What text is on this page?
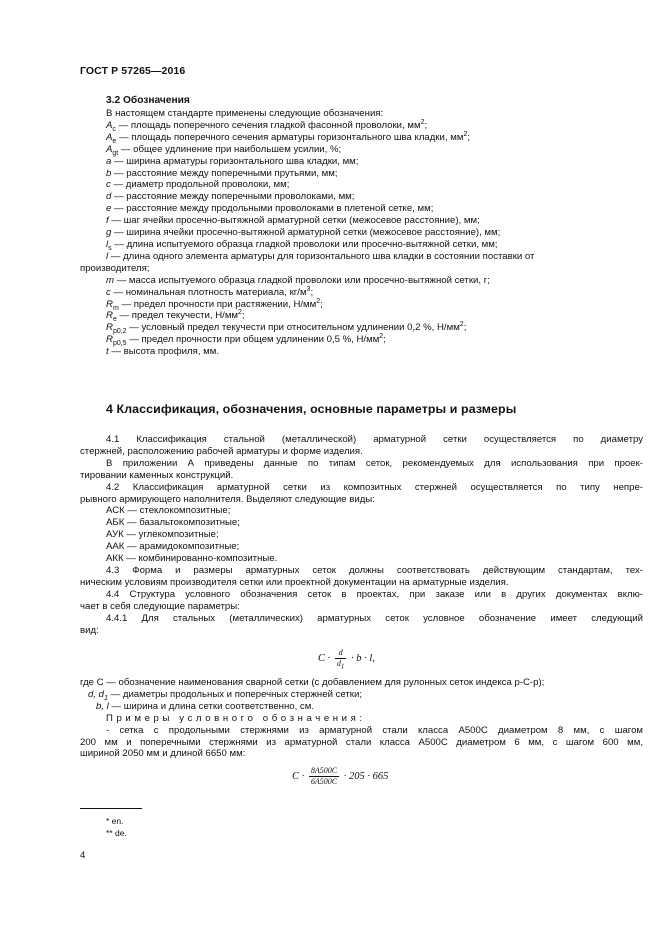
ГОСТ Р 57265—2016
3.2 Обозначения
В настоящем стандарте применены следующие обозначения:
$A_c$ — площадь поперечного сечения гладкой фасонной проволоки, $мм^2$;
$A_e$ — площадь поперечного сечения арматуры горизонтального шва кладки, $мм^2$;
$A_{gt}$ — общее удлинение при наибольшем усилии, %;
a — ширина арматуры горизонтального шва кладки, мм;
b — расстояние между поперечными прутьями, мм;
c — диаметр продольной проволоки, мм;
d — расстояние между поперечными проволоками, мм;
e — расстояние между продольными проволоками в плетеной сетке, мм;
f — шаг ячейки просечно-вытяжной арматурной сетки (межосевое расстояние), мм;
g — ширина ячейки просечно-вытяжной арматурной сетки (межосевое расстояние), мм;
$l_s$ — длина испытуемого образца гладкой проволоки или просечно-вытяжной сетки, мм;
l — длина одного элемента арматуры для горизонтального шва кладки в состоянии поставки от
производителя;
m — масса испытуемого образца гладкой проволоки или просечно-вытяжной сетки, г;
c — номинальная плотность материала, $кг/м^3$;
$R_m$ — предел прочности при растяжении, $Н/мм^2$;
$R_e$ — предел текучести, $Н/мм^2$;
$R_{p0,2}$ — условный предел текучести при относительном удлинении 0,2 %, $Н/мм^2$;
$R_{p0,5}$ — предел прочности при общем удлинении 0,5 %, $Н/мм^2$;
t — высота профиля, мм.
4 Классификация, обозначения, основные параметры и размеры
4.1 Классификация стальной (металлической) арматурной сетки осуществляется по диаметру
стержней, расположению рабочей арматуры и форме изделия.
В приложении А приведены данные по типам сеток, рекомендуемых для использования при проек-
тировании каменных конструкций.
4.2 Классификация арматурной сетки из композитных стержней осуществляется по типу непре-
рывного армирующего наполнителя. Выделяют следующие виды:
АСК — стеклокомпозитные;
АБК — базальтокомпозитные;
АУК — углекомпозитные;
ААК — арамидокомпозитные;
АКК — комбинированно-композитные.
4.3 Форма и размеры арматурных сеток должны соответствовать действующим стандартам, тех-
ническим условиям производителя сетки или проектной документации на арматурные изделия.
4.4 Структура условного обозначения сеток в проектах, при заказе или в других документах вклю-
чает в себя следующие параметры:
4.4.1 Для стальных (металлических) арматурных сеток условное обозначение имеет следующий
вид:
$C \cdot \frac{d}{d_1} \cdot b \cdot l$,
где С — обозначение наименования сварной сетки (с добавлением для рулонных сеток индекса р-С-р);
d, $d_1$ — диаметры продольных и поперечных стержней сетки;
b, l — ширина и длина сетки соответственно, см.
Примеры условного обозначения:
- сетка с продольными стержнями из арматурной стали класса А500С диаметром 8 мм, с шагом
200 мм и поперечными стержнями из арматурной стали класса А500С диаметром 6 мм, с шагом 600 мм,
шириной 2050 мм и длиной 6650 мм:
$C \cdot \frac{8A500C}{6A500C} \cdot 205 \cdot 665$
* en.
** de.
4
